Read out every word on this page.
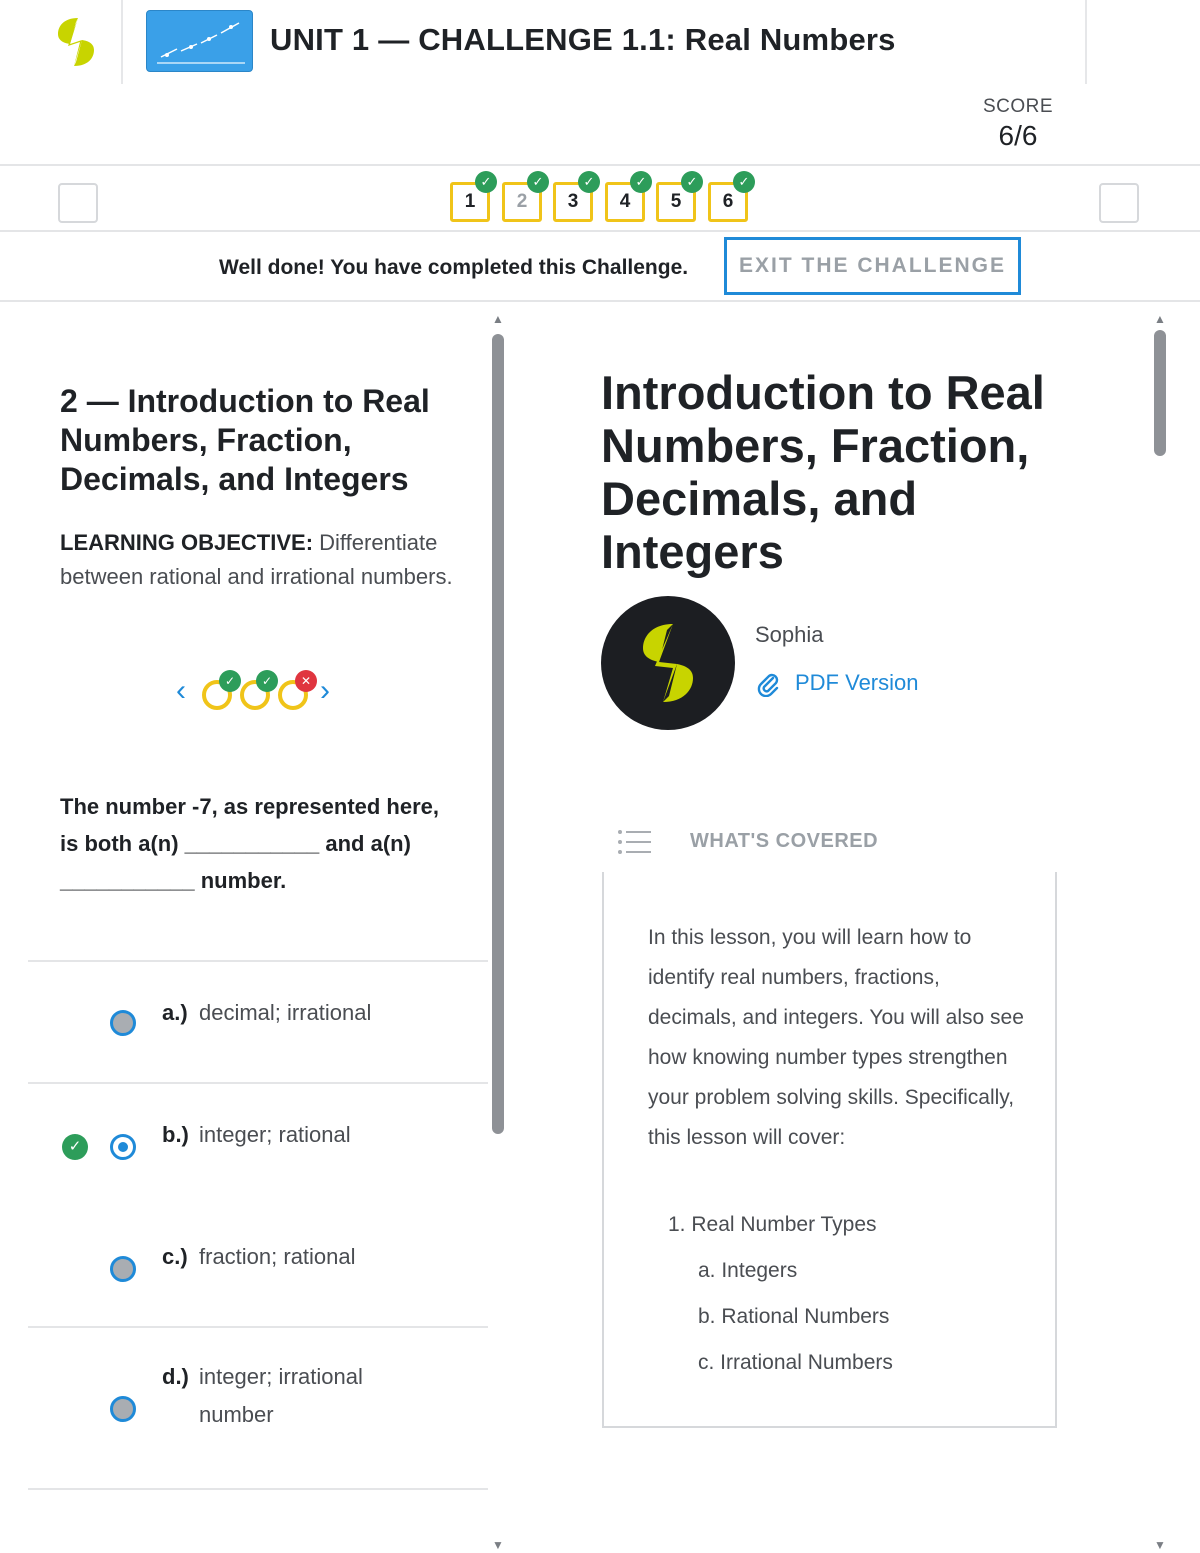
UNIT 1 — CHALLENGE 1.1: Real Numbers
SCORE
6/6
1
✓
2
✓
3
✓
4
✓
5
✓
6
✓
Well done! You have completed this Challenge.	EXIT THE CHALLENGE
2 — Introduction to Real Numbers, Fraction, Decimals, and Integers
LEARNING OBJECTIVE: Differentiate between rational and irrational numbers.
‹	✓	✓	✕ ›
The number -7, as represented here, is both a(n) ___________ and a(n) ___________ number.
a.) decimal; irrational
✓	b.) integer; rational
c.) fraction; rational
d.) integer; irrational number
▲
▼
Introduction to Real Numbers, Fraction, Decimals, and Integers
Sophia
PDF Version
WHAT'S COVERED
In this lesson, you will learn how to identify real numbers, fractions, decimals, and integers. You will also see how knowing number types strengthen your problem solving skills. Specifically, this lesson will cover:
1. Real Number Types
a. Integers
b. Rational Numbers
c. Irrational Numbers
▲
▼
